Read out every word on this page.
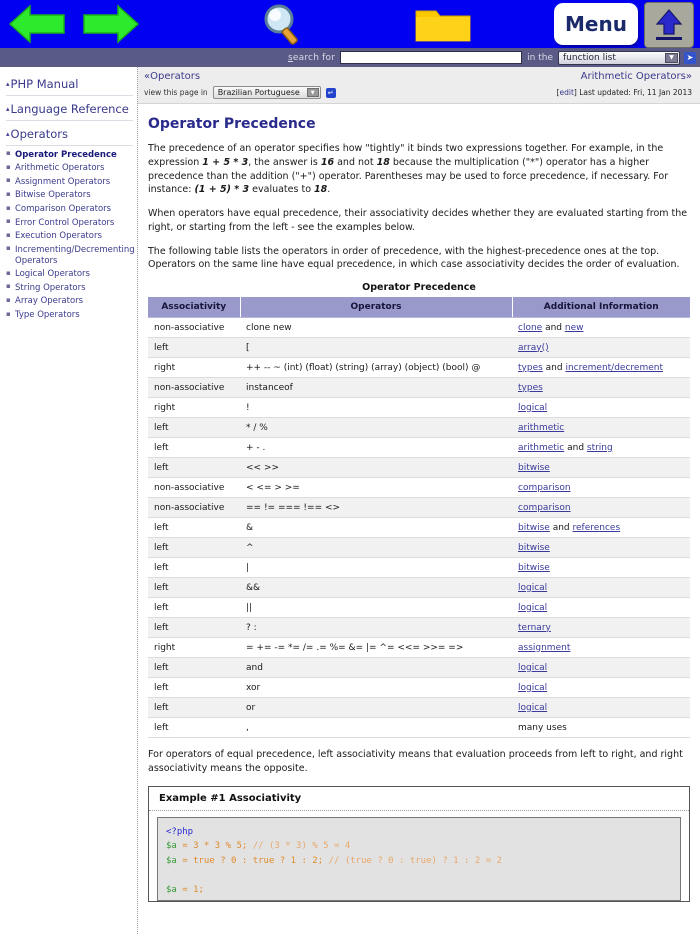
Menu
search for	in the function list	▼	➤
▴PHP Manual
▴Language Reference
▴Operators
▪ Operator Precedence
▪ Arithmetic Operators
▪ Assignment Operators
▪ Bitwise Operators
▪ Comparison Operators
▪ Error Control Operators
▪ Execution Operators
▪ Incrementing/Decrementing Operators
▪ Logical Operators
▪ String Operators
▪ Array Operators
▪ Type Operators
«Operators	Arithmetic Operators»
view this page in Brazilian Portuguese	▼	↵	[edit] Last updated: Fri, 11 Jan 2013
Operator Precedence

The precedence of an operator specifies how "tightly" it binds two expressions together. For example, in the expression 1 + 5 * 3, the answer is 16 and not 18 because the multiplication ("*") operator has a higher precedence than the addition ("+") operator. Parentheses may be used to force precedence, if necessary. For instance: (1 + 5) * 3 evaluates to 18.

When operators have equal precedence, their associativity decides whether they are evaluated starting from the right, or starting from the left - see the examples below.

The following table lists the operators in order of precedence, with the highest-precedence ones at the top. Operators on the same line have equal precedence, in which case associativity decides the order of evaluation.

Operator Precedence
Associativity	Operators	Additional Information
non-associative	clone new	clone and new
left	[	array()
right	++ -- ~ (int) (float) (string) (array) (object) (bool) @	types and increment/decrement
non-associative	instanceof	types
right	!	logical
left	* / %	arithmetic
left	+ - .	arithmetic and string
left	<< >>	bitwise
non-associative	< <= > >=	comparison
non-associative	== != === !== <>	comparison
left	&	bitwise and references
left	^	bitwise
left	|	bitwise
left	&&	logical
left	||	logical
left	? :	ternary
right	= += -= *= /= .= %= &= |= ^= <<= >>= =>	assignment
left	and	logical
left	xor	logical
left	or	logical
left	,	many uses

For operators of equal precedence, left associativity means that evaluation proceeds from left to right, and right associativity means the opposite.

Example #1 Associativity
<?php
$a = 3 * 3 % 5; // (3 * 3) % 5 = 4
$a = true ? 0 : true ? 1 : 2; // (true ? 0 : true) ? 1 : 2 = 2

$a = 1;
